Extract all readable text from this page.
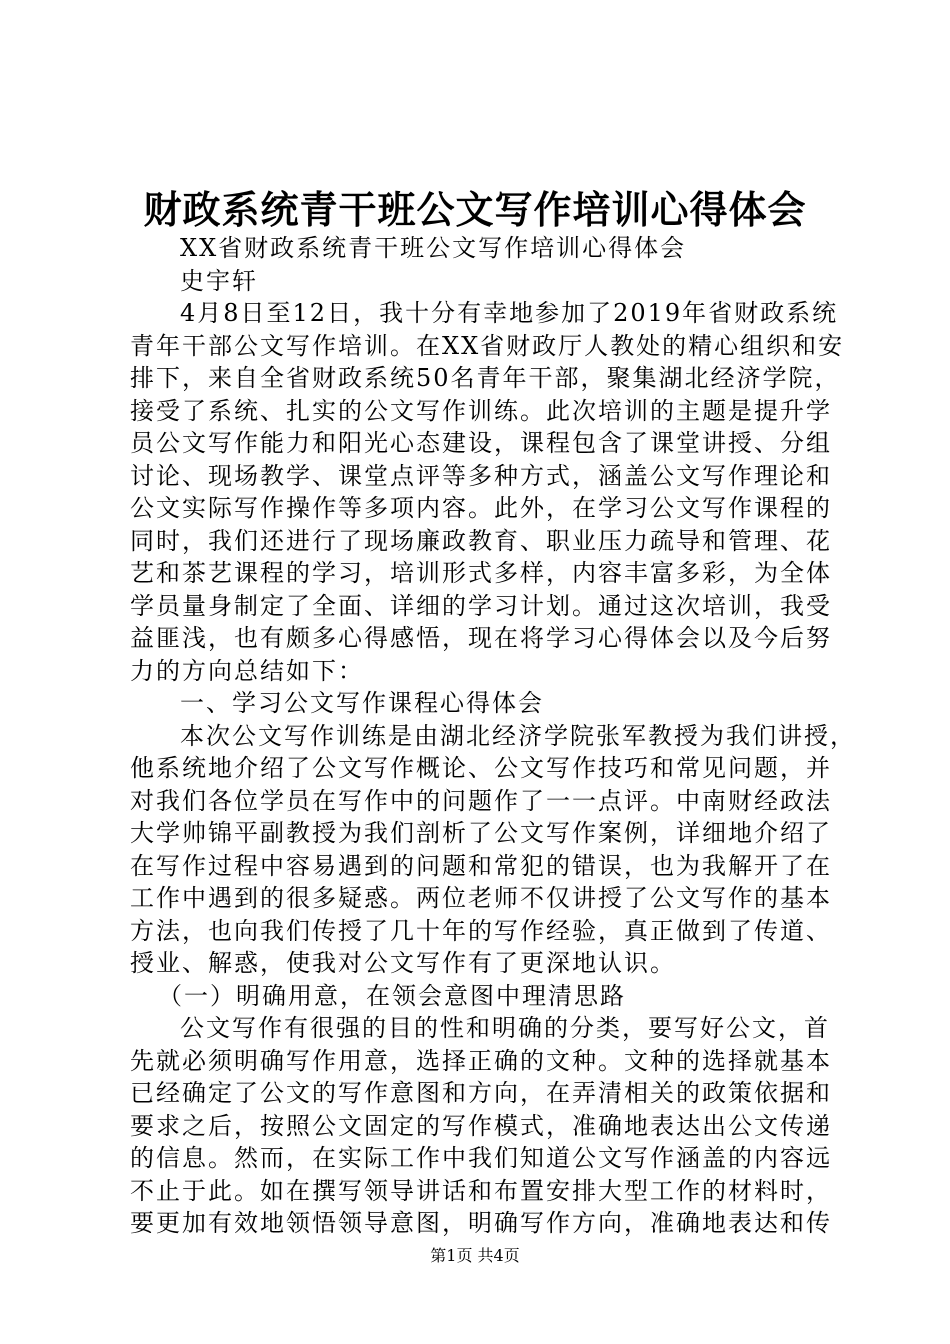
财政系统青干班公文写作培训心得体会
XX省财政系统青干班公文写作培训心得体会
史宇轩
4月8日至12日，我十分有幸地参加了2019年省财政系统
青年干部公文写作培训。在XX省财政厅人教处的精心组织和安
排下，来自全省财政系统50名青年干部，聚集湖北经济学院，
接受了系统、扎实的公文写作训练。此次培训的主题是提升学
员公文写作能力和阳光心态建设，课程包含了课堂讲授、分组
讨论、现场教学、课堂点评等多种方式，涵盖公文写作理论和
公文实际写作操作等多项内容。此外，在学习公文写作课程的
同时，我们还进行了现场廉政教育、职业压力疏导和管理、花
艺和茶艺课程的学习，培训形式多样，内容丰富多彩，为全体
学员量身制定了全面、详细的学习计划。通过这次培训，我受
益匪浅，也有颇多心得感悟，现在将学习心得体会以及今后努
力的方向总结如下：
一、学习公文写作课程心得体会
本次公文写作训练是由湖北经济学院张军教授为我们讲授，
他系统地介绍了公文写作概论、公文写作技巧和常见问题，并
对我们各位学员在写作中的问题作了一一点评。中南财经政法
大学帅锦平副教授为我们剖析了公文写作案例，详细地介绍了
在写作过程中容易遇到的问题和常犯的错误，也为我解开了在
工作中遇到的很多疑惑。两位老师不仅讲授了公文写作的基本
方法，也向我们传授了几十年的写作经验，真正做到了传道、
授业、解惑，使我对公文写作有了更深地认识。
（一）明确用意，在领会意图中理清思路
公文写作有很强的目的性和明确的分类，要写好公文，首
先就必须明确写作用意，选择正确的文种。文种的选择就基本
已经确定了公文的写作意图和方向，在弄清相关的政策依据和
要求之后，按照公文固定的写作模式，准确地表达出公文传递
的信息。然而，在实际工作中我们知道公文写作涵盖的内容远
不止于此。如在撰写领导讲话和布置安排大型工作的材料时，
要更加有效地领悟领导意图，明确写作方向，准确地表达和传
第1页 共4页
